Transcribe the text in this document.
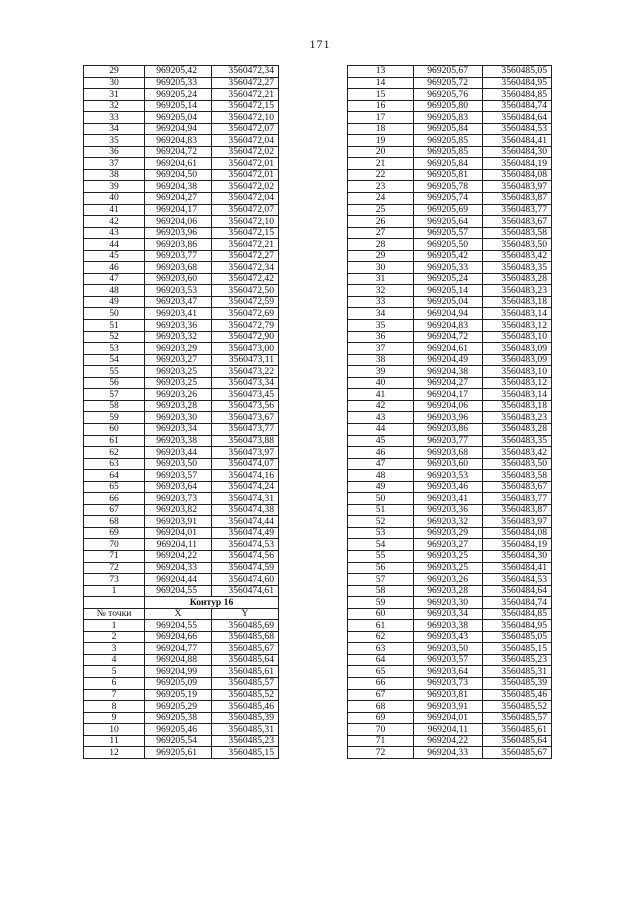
171
29	969205,42	3560472,34
30	969205,33	3560472,27
31	969205,24	3560472,21
32	969205,14	3560472,15
33	969205,04	3560472,10
34	969204,94	3560472,07
35	969204,83	3560472,04
36	969204,72	3560472,02
37	969204,61	3560472,01
38	969204,50	3560472,01
39	969204,38	3560472,02
40	969204,27	3560472,04
41	969204,17	3560472,07
42	969204,06	3560472,10
43	969203,96	3560472,15
44	969203,86	3560472,21
45	969203,77	3560472,27
46	969203,68	3560472,34
47	969203,60	3560472,42
48	969203,53	3560472,50
49	969203,47	3560472,59
50	969203,41	3560472,69
51	969203,36	3560472,79
52	969203,32	3560472,90
53	969203,29	3560473,00
54	969203,27	3560473,11
55	969203,25	3560473,22
56	969203,25	3560473,34
57	969203,26	3560473,45
58	969203,28	3560473,56
59	969203,30	3560473,67
60	969203,34	3560473,77
61	969203,38	3560473,88
62	969203,44	3560473,97
63	969203,50	3560474,07
64	969203,57	3560474,16
65	969203,64	3560474,24
66	969203,73	3560474,31
67	969203,82	3560474,38
68	969203,91	3560474,44
69	969204,01	3560474,49
70	969204,11	3560474,53
71	969204,22	3560474,56
72	969204,33	3560474,59
73	969204,44	3560474,60
1	969204,55	3560474,61
	Контур 16	
№ точки	X	Y
1	969204,55	3560485,69
2	969204,66	3560485,68
3	969204,77	3560485,67
4	969204,88	3560485,64
5	969204,99	3560485,61
6	969205,09	3560485,57
7	969205,19	3560485,52
8	969205,29	3560485,46
9	969205,38	3560485,39
10	969205,46	3560485,31
11	969205,54	3560485,23
12	969205,61	3560485,15
13	969205,67	3560485,05
14	969205,72	3560484,95
15	969205,76	3560484,85
16	969205,80	3560484,74
17	969205,83	3560484,64
18	969205,84	3560484,53
19	969205,85	3560484,41
20	969205,85	3560484,30
21	969205,84	3560484,19
22	969205,81	3560484,08
23	969205,78	3560483,97
24	969205,74	3560483,87
25	969205,69	3560483,77
26	969205,64	3560483,67
27	969205,57	3560483,58
28	969205,50	3560483,50
29	969205,42	3560483,42
30	969205,33	3560483,35
31	969205,24	3560483,28
32	969205,14	3560483,23
33	969205,04	3560483,18
34	969204,94	3560483,14
35	969204,83	3560483,12
36	969204,72	3560483,10
37	969204,61	3560483,09
38	969204,49	3560483,09
39	969204,38	3560483,10
40	969204,27	3560483,12
41	969204,17	3560483,14
42	969204,06	3560483,18
43	969203,96	3560483,23
44	969203,86	3560483,28
45	969203,77	3560483,35
46	969203,68	3560483,42
47	969203,60	3560483,50
48	969203,53	3560483,58
49	969203,46	3560483,67
50	969203,41	3560483,77
51	969203,36	3560483,87
52	969203,32	3560483,97
53	969203,29	3560484,08
54	969203,27	3560484,19
55	969203,25	3560484,30
56	969203,25	3560484,41
57	969203,26	3560484,53
58	969203,28	3560484,64
59	969203,30	3560484,74
60	969203,34	3560484,85
61	969203,38	3560484,95
62	969203,43	3560485,05
63	969203,50	3560485,15
64	969203,57	3560485,23
65	969203,64	3560485,31
66	969203,73	3560485,39
67	969203,81	3560485,46
68	969203,91	3560485,52
69	969204,01	3560485,57
70	969204,11	3560485,61
71	969204,22	3560485,64
72	969204,33	3560485,67
